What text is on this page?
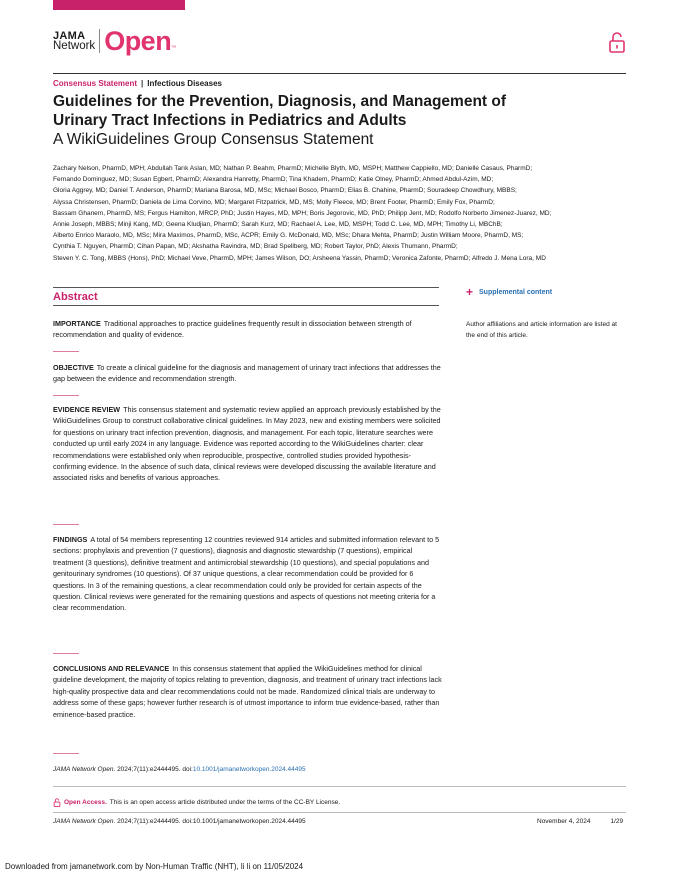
JAMA
Network Open ™
Consensus Statement | Infectious Diseases
Guidelines for the Prevention, Diagnosis, and Management of Urinary Tract Infections in Pediatrics and Adults
A WikiGuidelines Group Consensus Statement
Zachary Nelson, PharmD, MPH; Abdullah Tarık Aslan, MD; Nathan P. Beahm, PharmD; Michelle Blyth, MD, MSPH; Matthew Cappiello, MD; Danielle Casaus, PharmD;
Fernando Dominguez, MD; Susan Egbert, PharmD; Alexandra Hanretty, PharmD; Tina Khadem, PharmD; Katie Olney, PharmD; Ahmed Abdul-Azim, MD;
Gloria Aggrey, MD; Daniel T. Anderson, PharmD; Mariana Barosa, MD, MSc; Michael Bosco, PharmD; Elias B. Chahine, PharmD; Souradeep Chowdhury, MBBS;
Alyssa Christensen, PharmD; Daniela de Lima Corvino, MD; Margaret Fitzpatrick, MD, MS; Molly Fleece, MD; Brent Footer, PharmD; Emily Fox, PharmD;
Bassam Ghanem, PharmD, MS; Fergus Hamilton, MRCP, PhD; Justin Hayes, MD, MPH; Boris Jegorovic, MD, PhD; Philipp Jent, MD; Rodolfo Norberto Jimenez-Juarez, MD;
Annie Joseph, MBBS; Minji Kang, MD; Geena Kludjian, PharmD; Sarah Kurz, MD; Rachael A. Lee, MD, MSPH; Todd C. Lee, MD, MPH; Timothy Li, MBChB;
Alberto Enrico Maraolo, MD, MSc; Mira Maximos, PharmD, MSc, ACPR; Emily G. McDonald, MD, MSc; Dhara Mehta, PharmD; Justin William Moore, PharmD, MS;
Cynthia T. Nguyen, PharmD; Cihan Papan, MD; Akshatha Ravindra, MD; Brad Spellberg, MD; Robert Taylor, PhD; Alexis Thumann, PharmD;
Steven Y. C. Tong, MBBS (Hons), PhD; Michael Veve, PharmD, MPH; James Wilson, DO; Arsheena Yassin, PharmD; Veronica Zafonte, PharmD; Alfredo J. Mena Lora, MD
Abstract
IMPORTANCE Traditional approaches to practice guidelines frequently result in dissociation between strength of recommendation and quality of evidence.
OBJECTIVE To create a clinical guideline for the diagnosis and management of urinary tract infections that addresses the gap between the evidence and recommendation strength.
EVIDENCE REVIEW This consensus statement and systematic review applied an approach previously established by the WikiGuidelines Group to construct collaborative clinical guidelines. In May 2023, new and existing members were solicited for questions on urinary tract infection prevention, diagnosis, and management. For each topic, literature searches were conducted up until early 2024 in any language. Evidence was reported according to the WikiGuidelines charter: clear recommendations were established only when reproducible, prospective, controlled studies provided hypothesis-confirming evidence. In the absence of such data, clinical reviews were developed discussing the available literature and associated risks and benefits of various approaches.
FINDINGS A total of 54 members representing 12 countries reviewed 914 articles and submitted information relevant to 5 sections: prophylaxis and prevention (7 questions), diagnosis and diagnostic stewardship (7 questions), empirical treatment (3 questions), definitive treatment and antimicrobial stewardship (10 questions), and special populations and genitourinary syndromes (10 questions). Of 37 unique questions, a clear recommendation could be provided for 6 questions. In 3 of the remaining questions, a clear recommendation could only be provided for certain aspects of the question. Clinical reviews were generated for the remaining questions and aspects of questions not meeting criteria for a clear recommendation.
CONCLUSIONS AND RELEVANCE In this consensus statement that applied the WikiGuidelines method for clinical guideline development, the majority of topics relating to prevention, diagnosis, and treatment of urinary tract infections lack high-quality prospective data and clear recommendations could not be made. Randomized clinical trials are underway to address some of these gaps; however further research is of utmost importance to inform true evidence-based, rather than eminence-based practice.
JAMA Network Open. 2024;7(11):e2444495. doi:10.1001/jamanetworkopen.2024.44495
Open Access. This is an open access article distributed under the terms of the CC-BY License.
JAMA Network Open. 2024;7(11):e2444495. doi:10.1001/jamanetworkopen.2024.44495	November 4, 2024	1/29
Downloaded from jamanetwork.com by Non-Human Traffic (NHT), li li on 11/05/2024
+ Supplemental content
Author affiliations and article information are listed at the end of this article.
